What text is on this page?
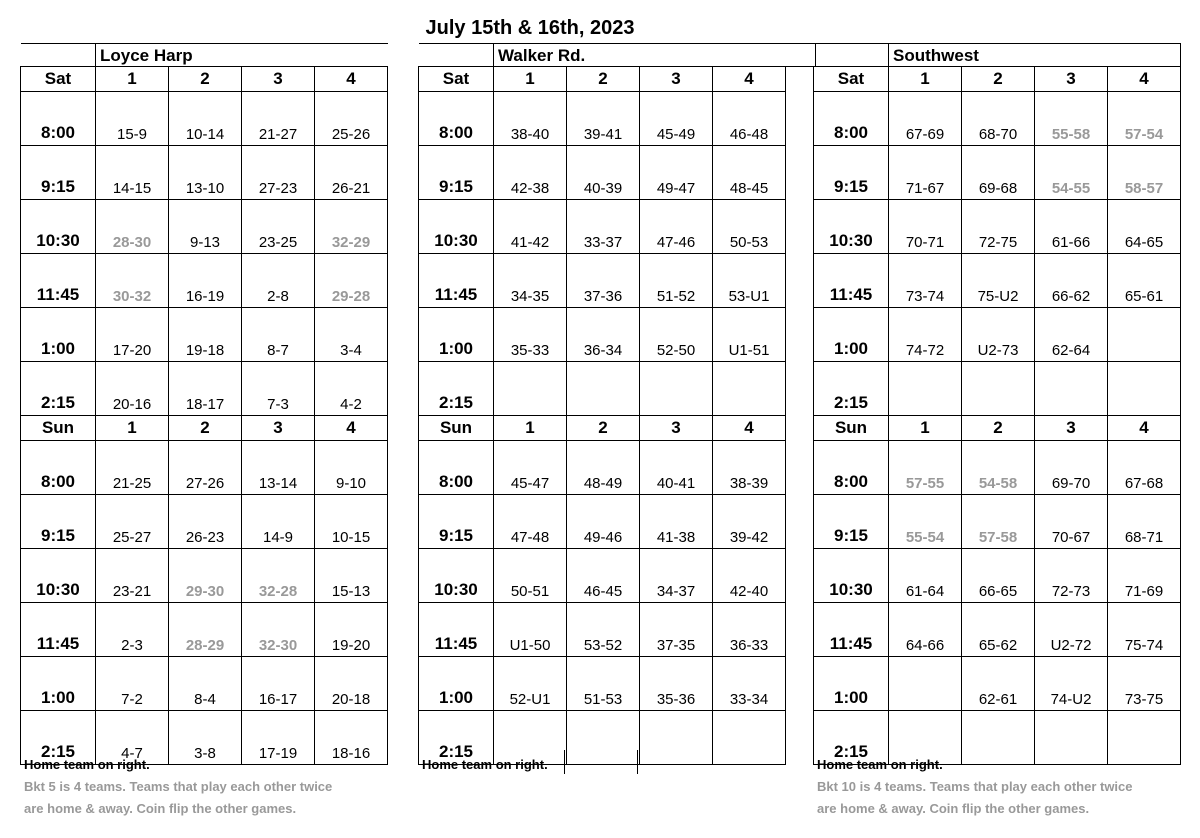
July 15th & 16th, 2023
	Loyce Harp			
Sat	1	2	3	4
8:00	15-9	10-14	21-27	25-26
9:15	14-15	13-10	27-23	26-21
10:30	28-30	9-13	23-25	32-29
11:45	30-32	16-19	2-8	29-28
1:00	17-20	19-18	8-7	3-4
2:15	20-16	18-17	7-3	4-2
Sun	1	2	3	4
8:00	21-25	27-26	13-14	9-10
9:15	25-27	26-23	14-9	10-15
10:30	23-21	29-30	32-28	15-13
11:45	2-3	28-29	32-30	19-20
1:00	7-2	8-4	16-17	20-18
2:15	4-7	3-8	17-19	18-16
	Walker Rd.				
Sat	1	2	3	4	
8:00	38-40	39-41	45-49	46-48	
9:15	42-38	40-39	49-47	48-45	
10:30	41-42	33-37	47-46	50-53	
11:45	34-35	37-36	51-52	53-U1	
1:00	35-33	36-34	52-50	U1-51	
2:15					
Sun	1	2	3	4	
8:00	45-47	48-49	40-41	38-39	
9:15	47-48	49-46	41-38	39-42	
10:30	50-51	46-45	34-37	42-40	
11:45	U1-50	53-52	37-35	36-33	
1:00	52-U1	51-53	35-36	33-34	
2:15					
	Southwest			
Sat	1	2	3	4
8:00	67-69	68-70	55-58	57-54
9:15	71-67	69-68	54-55	58-57
10:30	70-71	72-75	61-66	64-65
11:45	73-74	75-U2	66-62	65-61
1:00	74-72	U2-73	62-64	
2:15				
Sun	1	2	3	4
8:00	57-55	54-58	69-70	67-68
9:15	55-54	57-58	70-67	68-71
10:30	61-64	66-65	72-73	71-69
11:45	64-66	65-62	U2-72	75-74
1:00		62-61	74-U2	73-75
2:15				
Home team on right.
Bkt 5 is 4 teams. Teams that play each other twice
are home & away. Coin flip the other games.
Home team on right.	Home team on right.
Bkt 10 is 4 teams. Teams that play each other twice
are home & away. Coin flip the other games.
